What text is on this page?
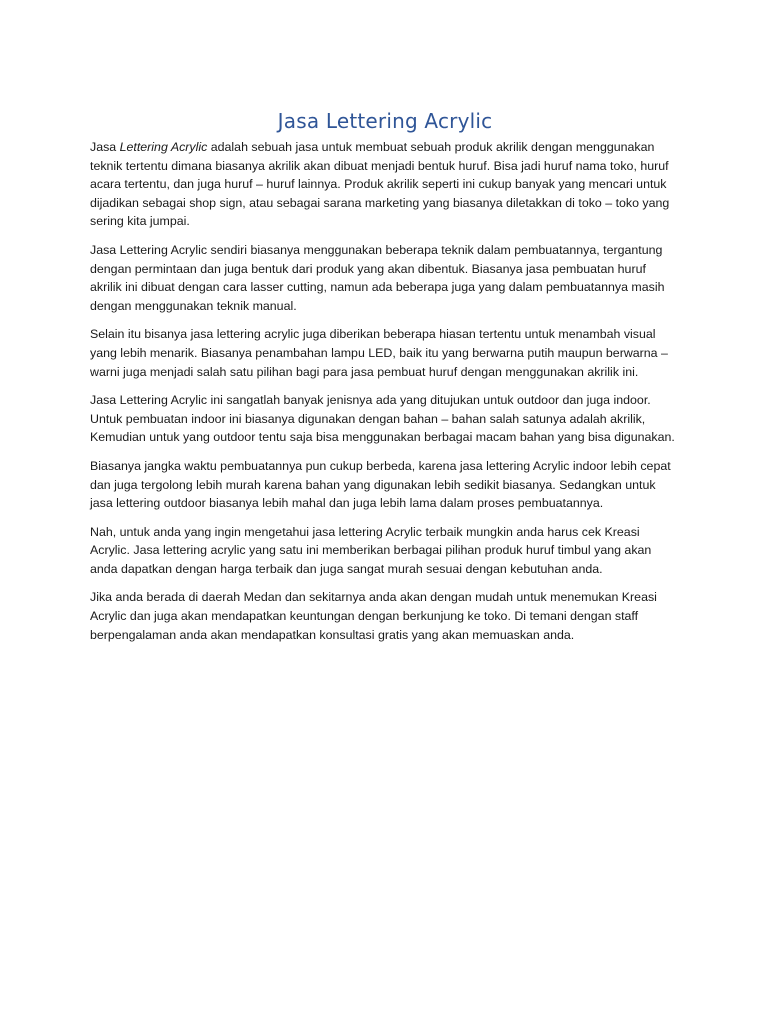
Jasa Lettering Acrylic

Jasa Lettering Acrylic adalah sebuah jasa untuk membuat sebuah produk akrilik dengan menggunakan teknik tertentu dimana biasanya akrilik akan dibuat menjadi bentuk huruf. Bisa jadi huruf nama toko, huruf acara tertentu, dan juga huruf – huruf lainnya. Produk akrilik seperti ini cukup banyak yang mencari untuk dijadikan sebagai shop sign, atau sebagai sarana marketing yang biasanya diletakkan di toko – toko yang sering kita jumpai.

Jasa Lettering Acrylic sendiri biasanya menggunakan beberapa teknik dalam pembuatannya, tergantung dengan permintaan dan juga bentuk dari produk yang akan dibentuk. Biasanya jasa pembuatan huruf akrilik ini dibuat dengan cara lasser cutting, namun ada beberapa juga yang dalam pembuatannya masih dengan menggunakan teknik manual.

Selain itu bisanya jasa lettering acrylic juga diberikan beberapa hiasan tertentu untuk menambah visual yang lebih menarik. Biasanya penambahan lampu LED, baik itu yang berwarna putih maupun berwarna – warni juga menjadi salah satu pilihan bagi para jasa pembuat huruf dengan menggunakan akrilik ini.

Jasa Lettering Acrylic ini sangatlah banyak jenisnya ada yang ditujukan untuk outdoor dan juga indoor. Untuk pembuatan indoor ini biasanya digunakan dengan bahan – bahan salah satunya adalah akrilik, Kemudian untuk yang outdoor tentu saja bisa menggunakan berbagai macam bahan yang bisa digunakan.

Biasanya jangka waktu pembuatannya pun cukup berbeda, karena jasa lettering Acrylic indoor lebih cepat dan juga tergolong lebih murah karena bahan yang digunakan lebih sedikit biasanya. Sedangkan untuk jasa lettering outdoor biasanya lebih mahal dan juga lebih lama dalam proses pembuatannya.

Nah, untuk anda yang ingin mengetahui jasa lettering Acrylic terbaik mungkin anda harus cek Kreasi Acrylic. Jasa lettering acrylic yang satu ini memberikan berbagai pilihan produk huruf timbul yang akan anda dapatkan dengan harga terbaik dan juga sangat murah sesuai dengan kebutuhan anda.

Jika anda berada di daerah Medan dan sekitarnya anda akan dengan mudah untuk menemukan Kreasi Acrylic dan juga akan mendapatkan keuntungan dengan berkunjung ke toko. Di temani dengan staff berpengalaman anda akan mendapatkan konsultasi gratis yang akan memuaskan anda.
